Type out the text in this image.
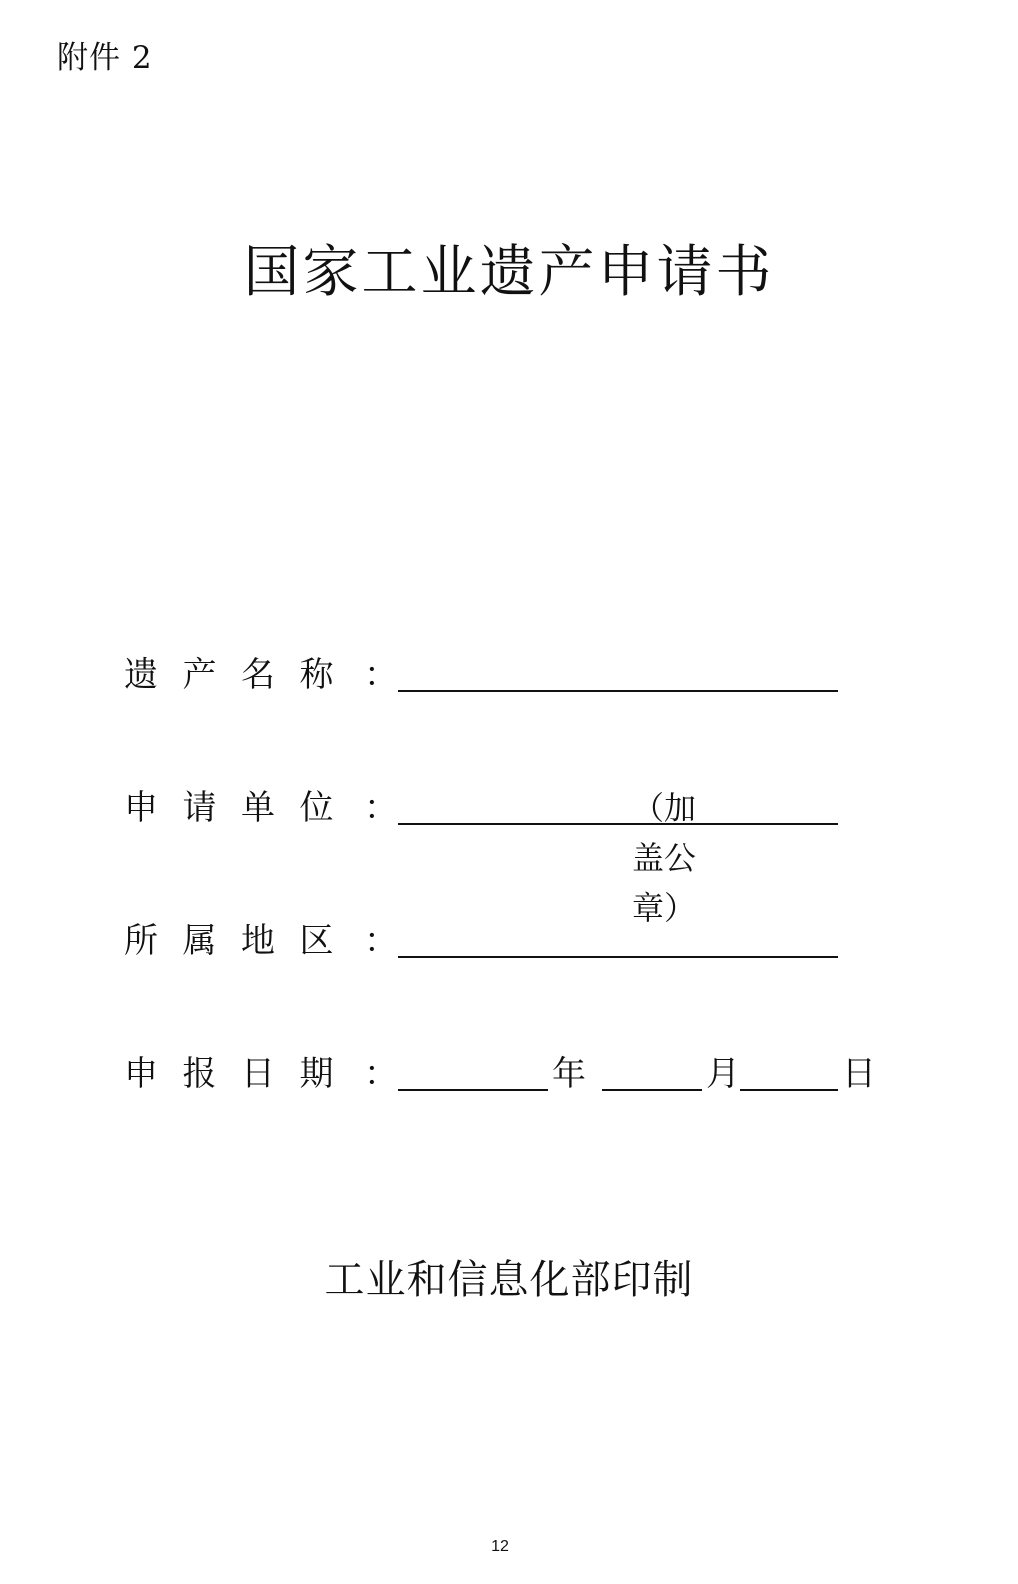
附件 2
国家工业遗产申请书
遗 产 名 称 ：
申 请 单 位 ：	（加盖公章）
所 属 地 区 ：
申 报 日 期 ：	年	月	日
工业和信息化部印制
12
